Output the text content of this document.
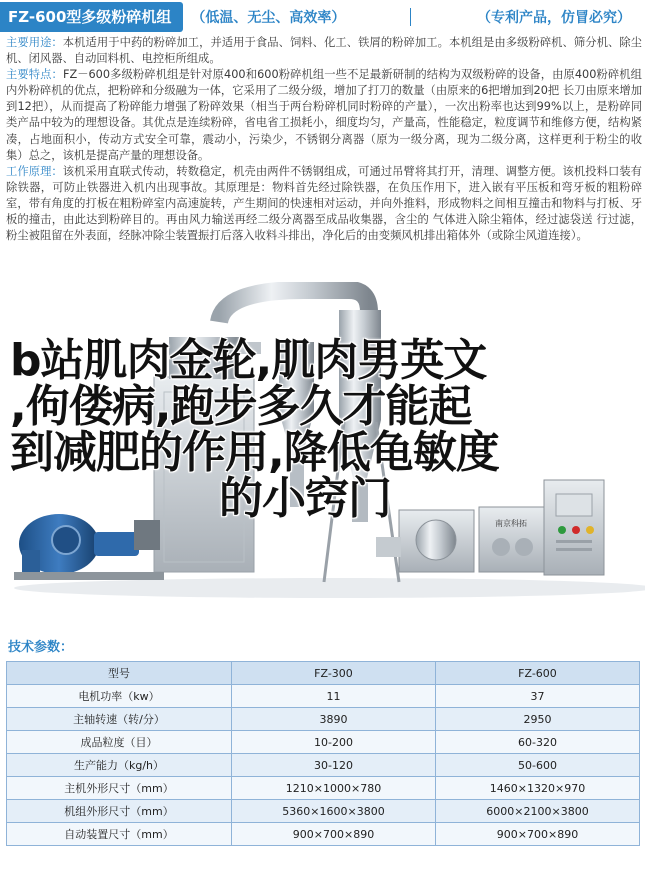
FZ-600型多级粉碎机组	（低温、无尘、高效率）	（专利产品，仿冒必究）

主要用途：本机适用于中药的粉碎加工，并适用于食品、饲料、化工、铁屑的粉碎加工。本机组是由多级粉碎机、筛分机、除尘机、闭风器、自动回料机、电控柜所组成。

主要特点：FZ－600多级粉碎机组是针对原400和600粉碎机组一些不足最新研制的结构为双级粉碎的设备，由原400粉碎机组内外粉碎机的优点，把粉碎和分级融为一体，它采用了二级分级，增加了打刀的数量（由原来的6把增加到20把 长刀由原来增加到12把），从而提高了粉碎能力增强了粉碎效果（相当于两台粉碎机同时粉碎的产量），一次出粉率也达到99%以上，是粉碎同类产品中较为的理想设备。其优点是连续粉碎，省电省工损耗小，细度均匀，产量高，性能稳定，粒度调节和维修方便，结构紧凑，占地面积小，传动方式安全可靠，震动小，污染少，不锈钢分离器（原为一级分离，现为二级分离，这样更利于粉尘的收集）总之，该机是提高产量的理想设备。

工作原理：该机采用直联式传动，转数稳定，机壳由两件不锈钢组成，可通过吊臂将其打开，清理、调整方便。该机投料口装有除铁器，可防止铁器进入机内出现事故。其原理是：物料首先经过除铁器，在负压作用下，进入嵌有平压板和弯牙板的粗粉碎室，带有角度的打板在粗粉碎室内高速旋转，产生期间的快速相对运动，并向外推料，形成物料之间相互撞击和物料与打板、牙板的撞击，由此达到粉碎目的。再由风力输送再经二级分离器至成品收集器，含尘的 气体进入除尘箱体，经过滤袋送 行过滤，粉尘被阻留在外表面，经脉冲除尘装置振打后落入收料斗排出，净化后的由变频风机排出箱体外（或除尘风道连接）。

南京科拓
b站肌肉金轮,肌肉男英文
,佝偻病,跑步多久才能起
到减肥的作用,降低龟敏度

的小窍门
技术参数：
型号	FZ-300	FZ-600
电机功率（kw）	11	37
主轴转速（转/分）	3890	2950
成品粒度（目）	10-200	60-320
生产能力（kg/h）	30-120	50-600
主机外形尺寸（mm）	1210×1000×780	1460×1320×970
机组外形尺寸（mm）	5360×1600×3800	6000×2100×3800
自动装置尺寸（mm）	900×700×890	900×700×890
